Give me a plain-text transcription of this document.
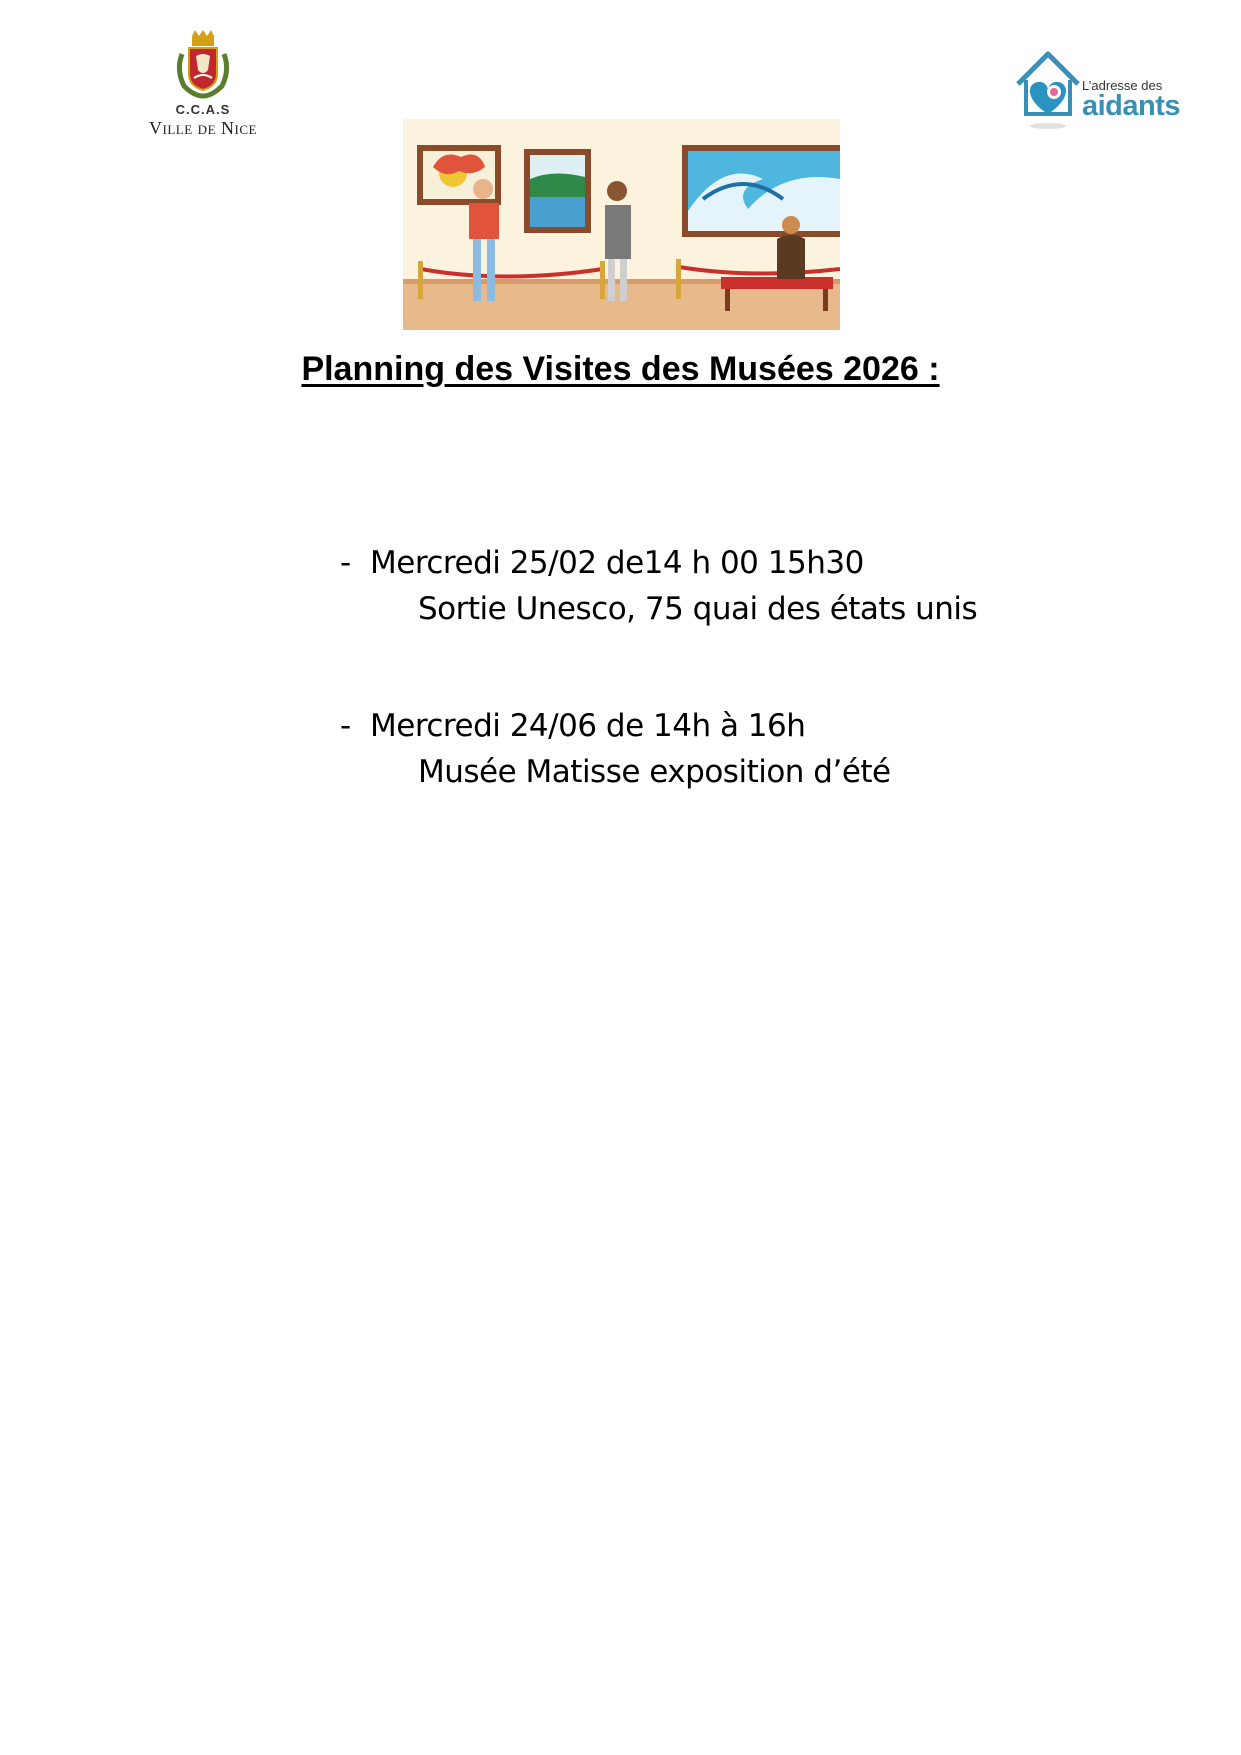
C.C.A.S
Ville de Nice
L’adresse des
aidants
Planning des Visites des Musées 2026 :
- Mercredi 25/02 de14 h 00 15h30
Sortie Unesco, 75 quai des états unis
- Mercredi 24/06 de 14h à 16h
Musée Matisse exposition d’été
